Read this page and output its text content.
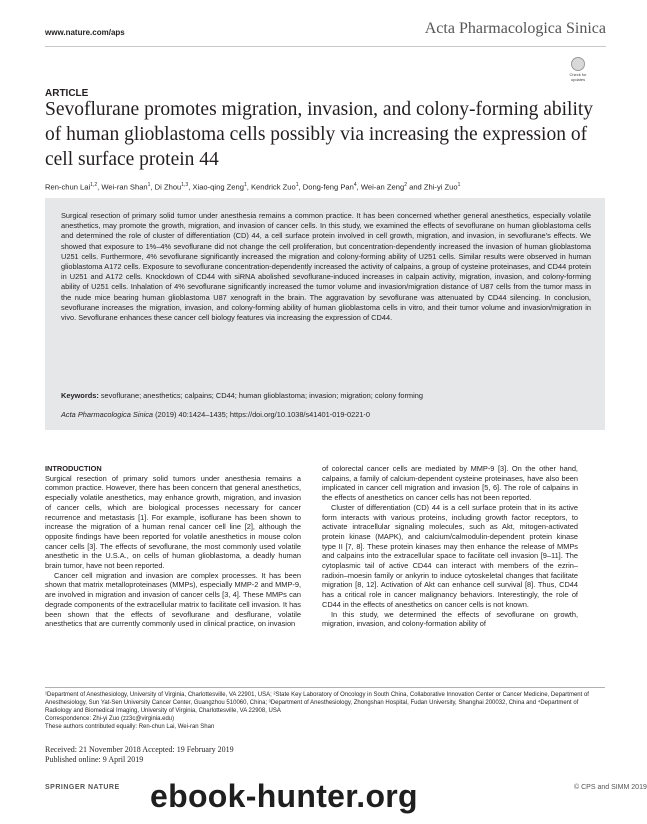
www.nature.com/aps	Acta Pharmacologica Sinica
Check for updates
ARTICLE
Sevoflurane promotes migration, invasion, and colony-forming ability of human glioblastoma cells possibly via increasing the expression of cell surface protein 44
Ren-chun Lai$^{1,2}$, Wei-ran Shan$^1$, Di Zhou$^{1,3}$, Xiao-qing Zeng$^1$, Kendrick Zuo$^1$, Dong-feng Pan$^4$, Wei-an Zeng$^2$ and Zhi-yi Zuo$^1$
Surgical resection of primary solid tumor under anesthesia remains a common practice. It has been concerned whether general anesthetics, especially volatile anesthetics, may promote the growth, migration, and invasion of cancer cells. In this study, we examined the effects of sevoflurane on human glioblastoma cells and determined the role of cluster of differentiation (CD) 44, a cell surface protein involved in cell growth, migration, and invasion, in sevoflurane’s effects. We showed that exposure to 1%–4% sevoflurane did not change the cell proliferation, but concentration-dependently increased the invasion of human glioblastoma U251 cells. Furthermore, 4% sevoflurane significantly increased the migration and colony-forming ability of U251 cells. Similar results were observed in human glioblastoma A172 cells. Exposure to sevoflurane concentration-dependently increased the activity of calpains, a group of cysteine proteinases, and CD44 protein in U251 and A172 cells. Knockdown of CD44 with siRNA abolished sevoflurane-induced increases in calpain activity, migration, invasion, and colony-forming ability of U251 cells. Inhalation of 4% sevoflurane significantly increased the tumor volume and invasion/migration distance of U87 cells from the tumor mass in the nude mice bearing human glioblastoma U87 xenograft in the brain. The aggravation by sevoflurane was attenuated by CD44 silencing. In conclusion, sevoflurane increases the migration, invasion, and colony-forming ability of human glioblastoma cells in vitro, and their tumor volume and invasion/migration in vivo. Sevoflurane enhances these cancer cell biology features via increasing the expression of CD44.
Keywords: sevoflurane; anesthetics; calpains; CD44; human glioblastoma; invasion; migration; colony forming
Acta Pharmacologica Sinica (2019) 40:1424–1435; https://doi.org/10.1038/s41401-019-0221-0
INTRODUCTION

Surgical resection of primary solid tumors under anesthesia remains a common practice. However, there has been concern that general anesthetics, especially volatile anesthetics, may enhance growth, migration, and invasion of cancer cells, which are biological processes necessary for cancer recurrence and metastasis [1]. For example, isoflurane has been shown to increase the migration of a human renal cancer cell line [2], although the opposite findings have been reported for volatile anesthetics in mouse colon cancer cells [3]. The effects of sevoflurane, the most commonly used volatile anesthetic in the U.S.A., on cells of human glioblastoma, a deadly human brain tumor, have not been reported.

Cancer cell migration and invasion are complex processes. It has been shown that matrix metalloproteinases (MMPs), especially MMP-2 and MMP-9, are involved in migration and invasion of cancer cells [3, 4]. These MMPs can degrade components of the extracellular matrix to facilitate cell invasion. It has been shown that the effects of sevoflurane and desflurane, volatile anesthetics that are currently commonly used in clinical practice, on invasion

of colorectal cancer cells are mediated by MMP-9 [3]. On the other hand, calpains, a family of calcium-dependent cysteine proteinases, have also been implicated in cancer cell migration and invasion [5, 6]. The role of calpains in the effects of anesthetics on cancer cells has not been reported.

Cluster of differentiation (CD) 44 is a cell surface protein that in its active form interacts with various proteins, including growth factor receptors, to activate intracellular signaling molecules, such as Akt, mitogen-activated protein kinase (MAPK), and calcium/calmodulin-dependent protein kinase type II [7, 8]. These protein kinases may then enhance the release of MMPs and calpains into the extracellular space to facilitate cell invasion [9–11]. The cytoplasmic tail of active CD44 can interact with members of the ezrin–radixin–moesin family or ankyrin to induce cytoskeletal changes that facilitate migration [8, 12]. Activation of Akt can enhance cell survival [8]. Thus, CD44 has a critical role in cancer malignancy behaviors. Interestingly, the role of CD44 in the effects of anesthetics on cancer cells is not known.

In this study, we determined the effects of sevoflurane on growth, migration, invasion, and colony-formation ability of

¹Department of Anesthesiology, University of Virginia, Charlottesville, VA 22901, USA; ²State Key Laboratory of Oncology in South China, Collaborative Innovation Center or Cancer Medicine, Department of Anesthesiology, Sun Yat-Sen University Cancer Center, Guangzhou 510060, China; ³Department of Anesthesiology, Zhongshan Hospital, Fudan University, Shanghai 200032, China and ⁴Department of Radiology and Biomedical Imaging, University of Virginia, Charlottesville, VA 22908, USA

Correspondence: Zhi-yi Zuo (zz3c@virginia.edu)

These authors contributed equally: Ren-chun Lai, Wei-ran Shan

Received: 21 November 2018 Accepted: 19 February 2019

Published online: 9 April 2019

SPRINGER NATURE ebook-hunter.org	© CPS and SIMM 2019
